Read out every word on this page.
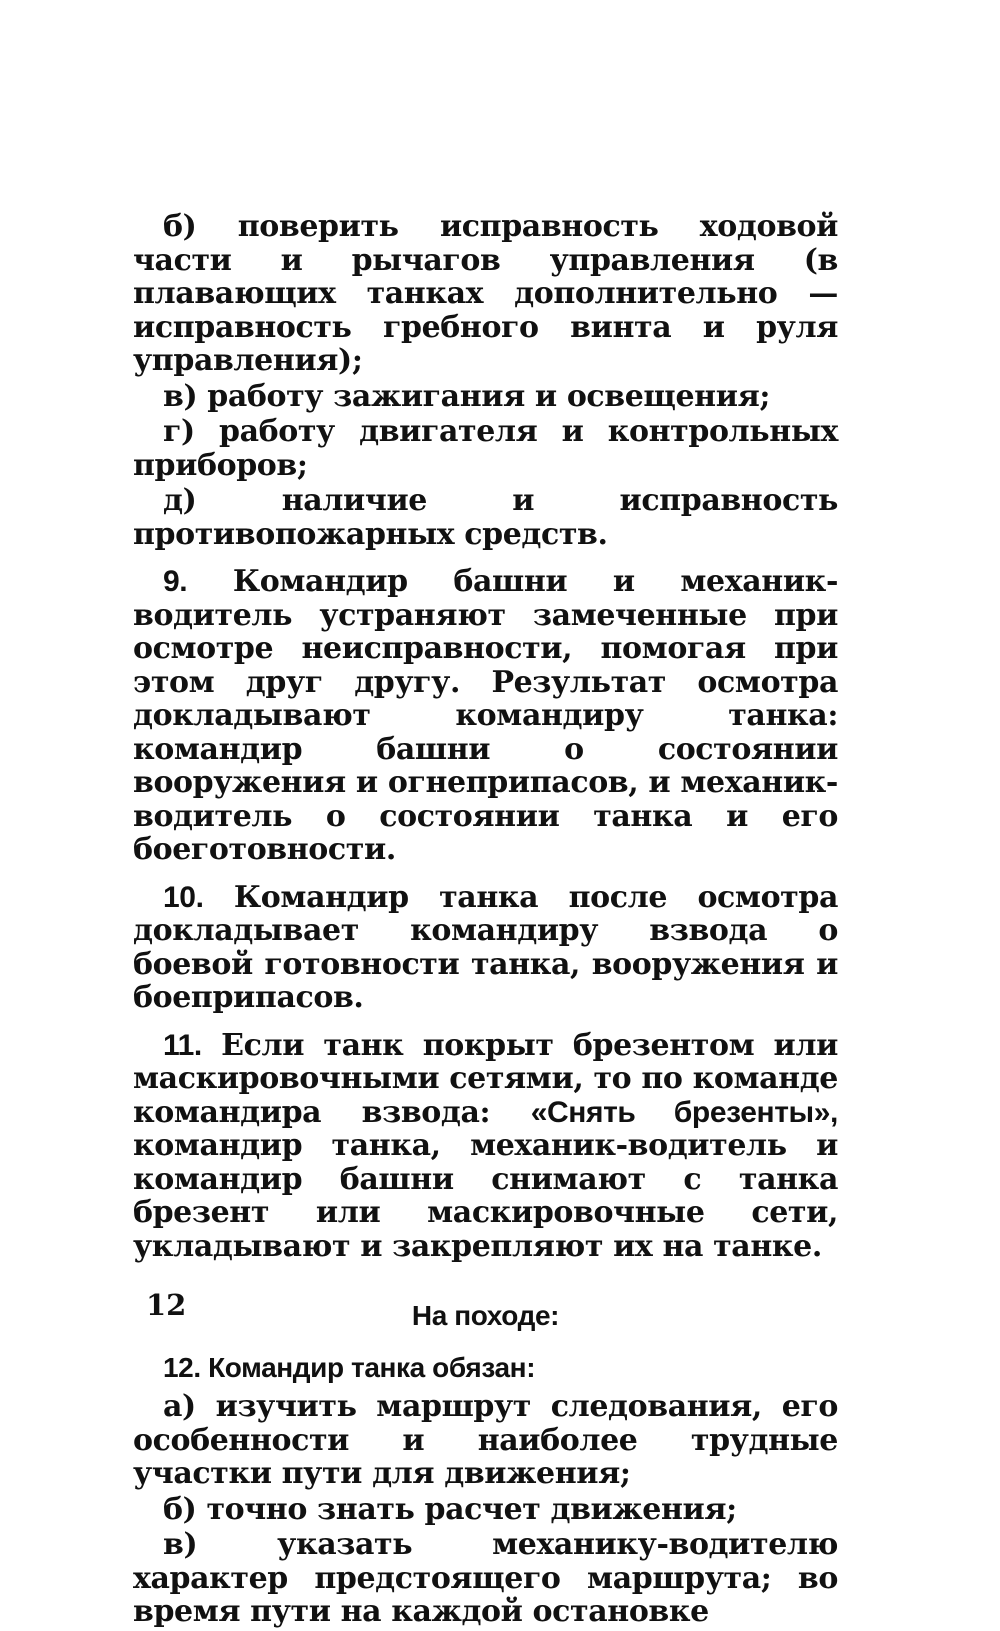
б) поверить исправность ходовой части и рычагов управления (в плавающих танках дополнительно — исправность гребного винта и руля управления);

в) работу зажигания и освещения;

г) работу двигателя и контрольных приборов;

д) наличие и исправность противопожарных средств.

9. Командир башни и механик-водитель устраняют замеченные при осмотре неисправности, помогая при этом друг другу. Результат осмотра докладывают командиру танка: командир башни о состоянии вооружения и огнеприпасов, и механик-водитель о состоянии танка и его боеготовности.

10. Командир танка после осмотра докладывает командиру взвода о боевой готовности танка, вооружения и боеприпасов.

11. Если танк покрыт брезентом или маскировочными сетями, то по команде командира взвода: «Снять брезенты», командир танка, механик-водитель и командир башни снимают с танка брезент или маскировочные сети, укладывают и закрепляют их на танке.

На походе:
12. Командир танка обязан:

а) изучить маршрут следования, его особенности и наиболее трудные участки пути для движения;

б) точно знать расчет движения;

в) указать механику-водителю характер предстоящего маршрута; во время пути на каждой остановке

12
